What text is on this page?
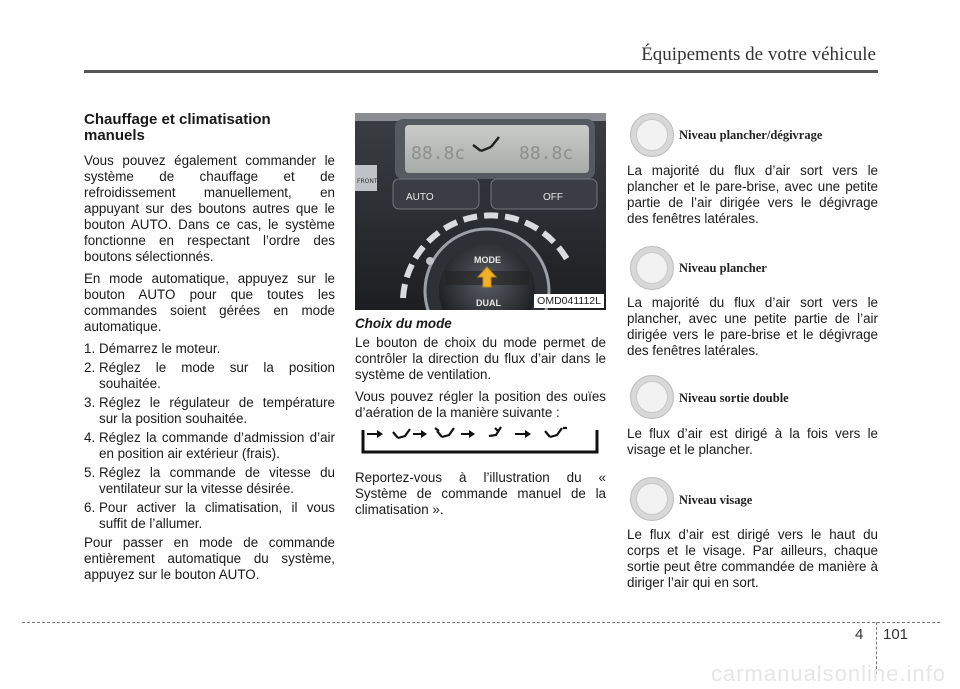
Équipements de votre véhicule
Chauffage et climatisation manuels
Vous pouvez également commander le système de chauffage et de refroidissement manuellement, en appuyant sur des boutons autres que le bouton AUTO. Dans ce cas, le système fonctionne en respectant l’ordre des boutons sélectionnés.
En mode automatique, appuyez sur le bouton AUTO pour que toutes les commandes soient gérées en mode automatique.
1. Démarrez le moteur.
2. Réglez le mode sur la position souhaitée.
3. Réglez le régulateur de température sur la position souhaitée.
4. Réglez la commande d’admission d’air en position air extérieur (frais).
5. Réglez la commande de vitesse du ventilateur sur la vitesse désirée.
6. Pour activer la climatisation, il vous suffit de l’allumer.
Pour passer en mode de commande entièrement automatique du système, appuyez sur le bouton AUTO.
88.8c	88.8c
FRONT
AUTO	OFF
MODE
DUAL	OMD041112L
Choix du mode
Le bouton de choix du mode permet de contrôler la direction du flux d’air dans le système de ventilation.
Vous pouvez régler la position des ouïes d’aération de la manière suivante :
Reportez-vous à l’illustration du « Système de commande manuel de la climatisation ».
Niveau plancher/dégivrage
La majorité du flux d’air sort vers le plancher et le pare-brise, avec une petite partie de l’air dirigée vers le dégivrage des fenêtres latérales.
Niveau plancher
La majorité du flux d’air sort vers le plancher, avec une petite partie de l’air dirigée vers le pare-brise et le dégivrage des fenêtres latérales.
Niveau sortie double
Le flux d’air est dirigé à la fois vers le visage et le plancher.
Niveau visage
Le flux d’air est dirigé vers le haut du corps et le visage. Par ailleurs, chaque sortie peut être commandée de manière à diriger l’air qui en sort.
4 101
carmanualsonline.info
